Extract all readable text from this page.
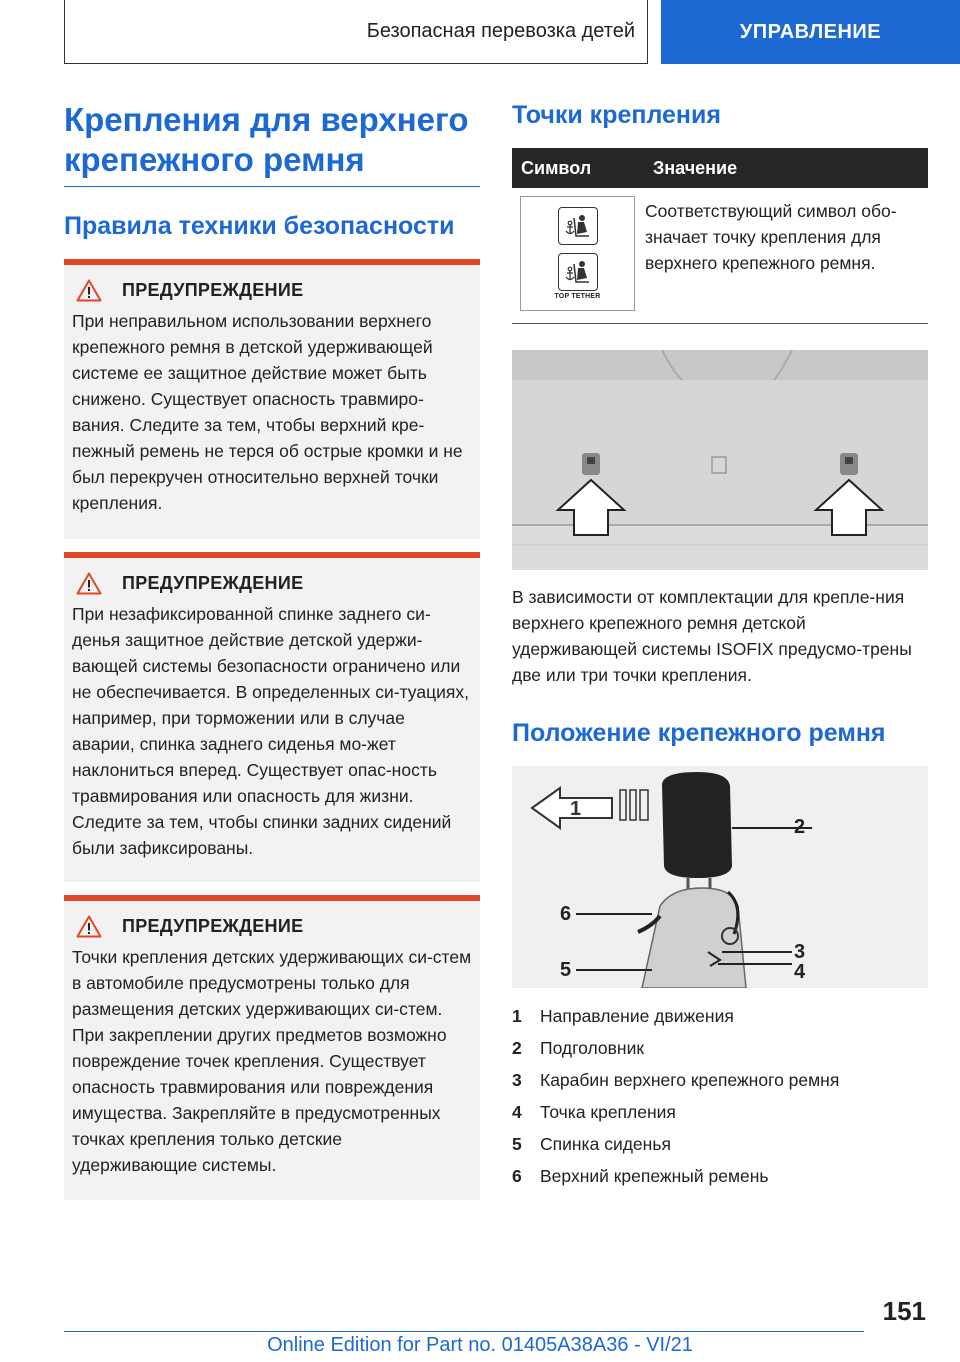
Безопасная перевозка детей	УПРАВЛЕНИЕ
Крепления для верхнего крепежного ремня
Правила техники безопасности
ПРЕДУПРЕЖДЕНИЕ

При неправильном использовании верхнего крепежного ремня в детской удерживающей системе ее защитное действие может быть снижено. Существует опасность травмиро-вания. Следите за тем, чтобы верхний кре-пежный ремень не терся об острые кромки и не был перекручен относительно верхней точки крепления.

ПРЕДУПРЕЖДЕНИЕ

При незафиксированной спинке заднего си-денья защитное действие детской удержи-вающей системы безопасности ограничено или не обеспечивается. В определенных си-туациях, например, при торможении или в случае аварии, спинка заднего сиденья мо-жет наклониться вперед. Существует опас-ность травмирования или опасность для жизни. Следите за тем, чтобы спинки задних сидений были зафиксированы.

ПРЕДУПРЕЖДЕНИЕ

Точки крепления детских удерживающих си-стем в автомобиле предусмотрены только для размещения детских удерживающих си-стем. При закреплении других предметов возможно повреждение точек крепления. Существует опасность травмирования или повреждения имущества. Закрепляйте в предусмотренных точках крепления только детские удерживающие системы.

Точки крепления
Символ	Значение
TOP TETHER
Соответствующий символ обо-значает точку крепления для верхнего крепежного ремня.

В зависимости от комплектации для крепле-ния верхнего крепежного ремня детской удерживающей системы ISOFIX предусмо-трены две или три точки крепления.

Положение крепежного ремня
1
2
3
4
5
6
1	Направление движения
2	Подголовник
3	Карабин верхнего крепежного ремня
4	Точка крепления
5	Спинка сиденья
6	Верхний крепежный ремень
151
Online Edition for Part no. 01405A38A36 - VI/21
